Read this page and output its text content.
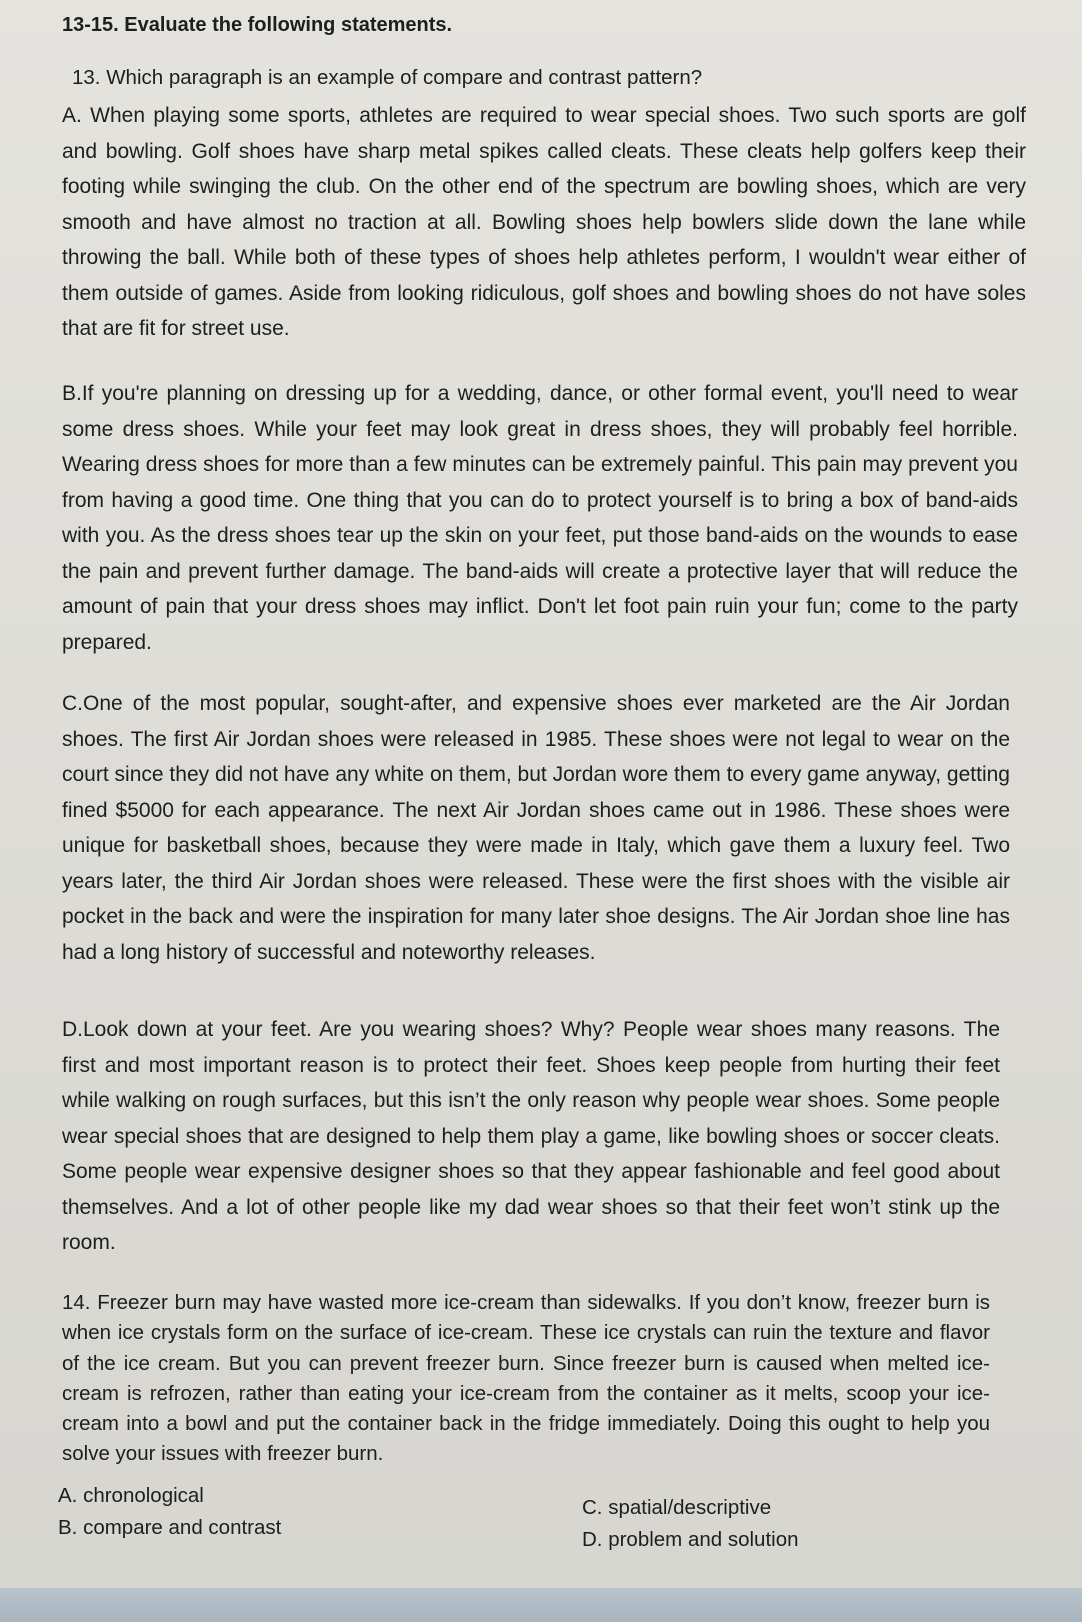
13-15. Evaluate the following statements.

13. Which paragraph is an example of compare and contrast pattern?

A. When playing some sports, athletes are required to wear special shoes. Two such sports are golf and bowling. Golf shoes have sharp metal spikes called cleats. These cleats help golfers keep their footing while swinging the club. On the other end of the spectrum are bowling shoes, which are very smooth and have almost no traction at all. Bowling shoes help bowlers slide down the lane while throwing the ball. While both of these types of shoes help athletes perform, I wouldn't wear either of them outside of games. Aside from looking ridiculous, golf shoes and bowling shoes do not have soles that are fit for street use.

B.If you're planning on dressing up for a wedding, dance, or other formal event, you'll need to wear some dress shoes. While your feet may look great in dress shoes, they will probably feel horrible. Wearing dress shoes for more than a few minutes can be extremely painful. This pain may prevent you from having a good time. One thing that you can do to protect yourself is to bring a box of band-aids with you. As the dress shoes tear up the skin on your feet, put those band-aids on the wounds to ease the pain and prevent further damage. The band-aids will create a protective layer that will reduce the amount of pain that your dress shoes may inflict. Don't let foot pain ruin your fun; come to the party prepared.

C.One of the most popular, sought-after, and expensive shoes ever marketed are the Air Jordan shoes. The first Air Jordan shoes were released in 1985. These shoes were not legal to wear on the court since they did not have any white on them, but Jordan wore them to every game anyway, getting fined $5000 for each appearance. The next Air Jordan shoes came out in 1986. These shoes were unique for basketball shoes, because they were made in Italy, which gave them a luxury feel. Two years later, the third Air Jordan shoes were released. These were the first shoes with the visible air pocket in the back and were the inspiration for many later shoe designs. The Air Jordan shoe line has had a long history of successful and noteworthy releases.

D.Look down at your feet. Are you wearing shoes? Why? People wear shoes many reasons. The first and most important reason is to protect their feet. Shoes keep people from hurting their feet while walking on rough surfaces, but this isn’t the only reason why people wear shoes. Some people wear special shoes that are designed to help them play a game, like bowling shoes or soccer cleats. Some people wear expensive designer shoes so that they appear fashionable and feel good about themselves. And a lot of other people like my dad wear shoes so that their feet won’t stink up the room.

14. Freezer burn may have wasted more ice-cream than sidewalks. If you don’t know, freezer burn is when ice crystals form on the surface of ice-cream. These ice crystals can ruin the texture and flavor of the ice cream. But you can prevent freezer burn. Since freezer burn is caused when melted ice-cream is refrozen, rather than eating your ice-cream from the container as it melts, scoop your ice-cream into a bowl and put the container back in the fridge immediately. Doing this ought to help you solve your issues with freezer burn.

A. chronological

B. compare and contrast

C. spatial/descriptive

D. problem and solution
